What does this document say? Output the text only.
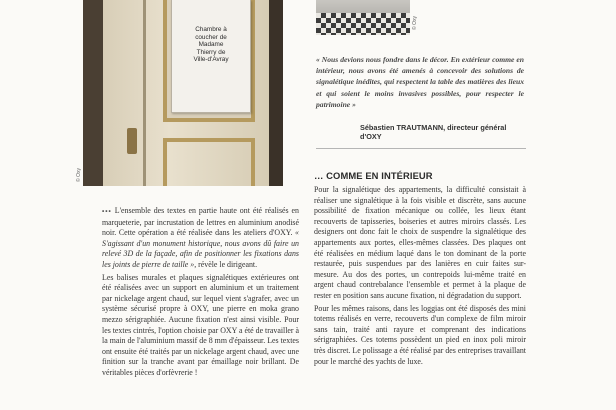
Chambre à
coucher de
Madame
Thierry de
Ville-d'Avray
© Oxy
© Oxy
« Nous devions nous fondre dans le décor. En extérieur comme en intérieur, nous avons été amenés à concevoir des solutions de signalétique inédites, qui respectent la table des matières des lieux et qui soient le moins invasives possibles, pour respecter le patrimoine »
Sébastien TRAUTMANN, directeur général d'OXY

••• L'ensemble des textes en partie haute ont été réalisés en marqueterie, par incrustation de lettres en aluminium anodisé noir. Cette opération a été réalisée dans les ateliers d'OXY. « S'agissant d'un monument historique, nous avons dû faire un relevé 3D de la façade, afin de positionner les fixations dans les joints de pierre de taille », révèle le dirigeant.

Les balises murales et plaques signalétiques extérieures ont été réalisées avec un support en aluminium et un traitement par nickelage argent chaud, sur lequel vient s'agrafer, avec un système sécurisé propre à OXY, une pierre en moka grano mezzo sérigraphiée. Aucune fixation n'est ainsi visible. Pour les textes cintrés, l'option choisie par OXY a été de travailler à la main de l'aluminium massif de 8 mm d'épaisseur. Les textes ont ensuite été traités par un nickelage argent chaud, avec une finition sur la tranche avant par émaillage noir brillant. De véritables pièces d'orfèvrerie !

… COMME EN INTÉRIEUR

Pour la signalétique des appartements, la difficulté consistait à réaliser une signalétique à la fois visible et discrète, sans aucune possibilité de fixation mécanique ou collée, les lieux étant recouverts de tapisseries, boiseries et autres miroirs classés. Les designers ont donc fait le choix de suspendre la signalétique des appartements aux portes, elles-mêmes classées. Des plaques ont été réalisées en médium laqué dans le ton dominant de la porte restaurée, puis suspendues par des lanières en cuir faites sur-mesure. Au dos des portes, un contrepoids lui-même traité en argent chaud contrebalance l'ensemble et permet à la plaque de rester en position sans aucune fixation, ni dégradation du support.

Pour les mêmes raisons, dans les loggias ont été disposés des mini totems réalisés en verre, recouverts d'un complexe de film miroir sans tain, traité anti rayure et comprenant des indications sérigraphiées. Ces totems possèdent un pied en inox poli miroir très discret. Le polissage a été réalisé par des entreprises travaillant pour le marché des yachts de luxe.
